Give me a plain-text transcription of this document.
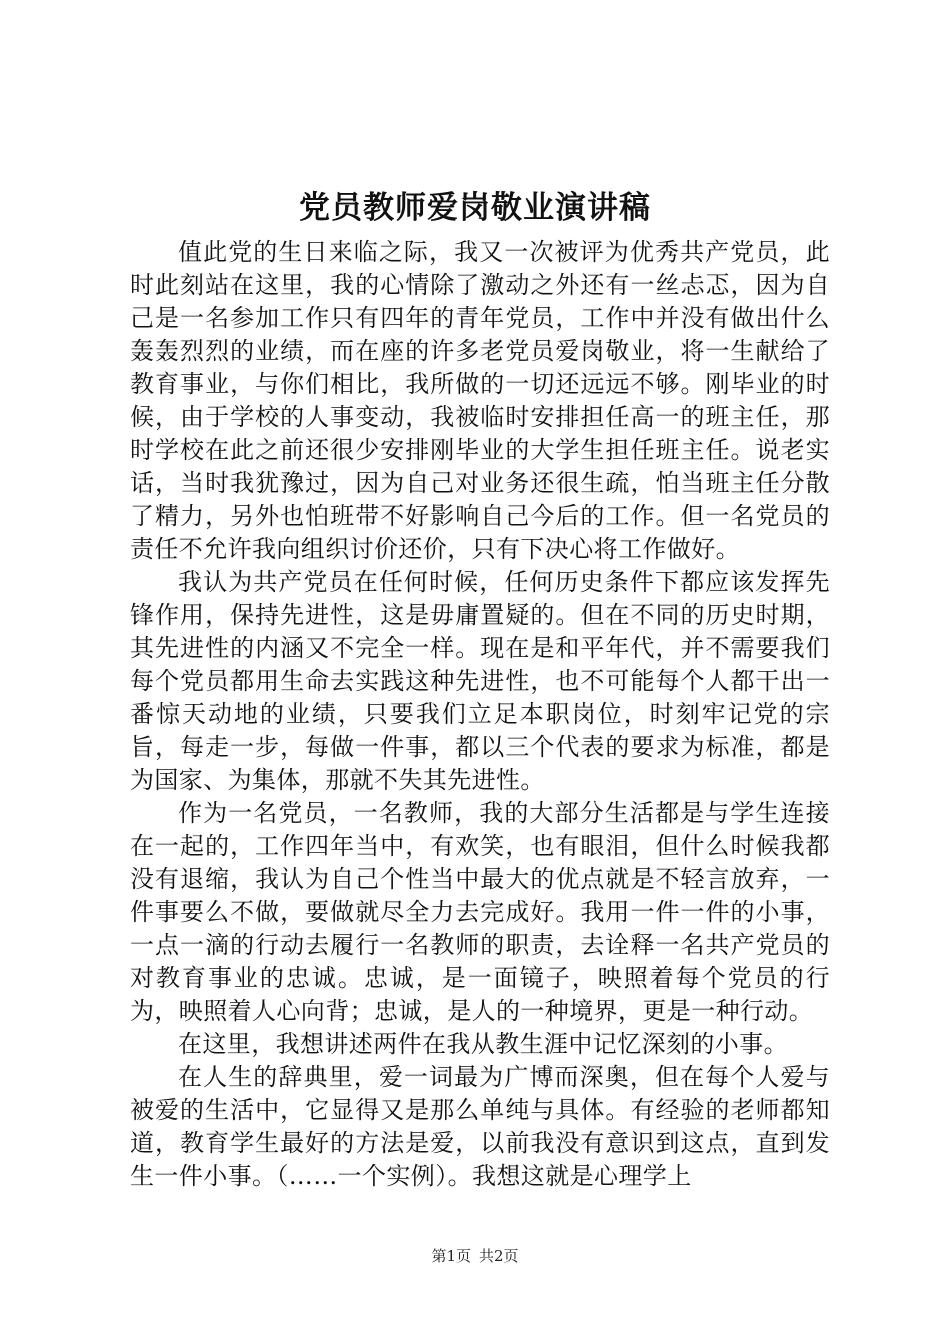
党员教师爱岗敬业演讲稿

值此党的生日来临之际，我又一次被评为优秀共产党员，此时此刻站在这里，我的心情除了激动之外还有一丝忐忑，因为自己是一名参加工作只有四年的青年党员，工作中并没有做出什么轰轰烈烈的业绩，而在座的许多老党员爱岗敬业，将一生献给了教育事业，与你们相比，我所做的一切还远远不够。刚毕业的时候，由于学校的人事变动，我被临时安排担任高一的班主任，那时学校在此之前还很少安排刚毕业的大学生担任班主任。说老实话，当时我犹豫过，因为自己对业务还很生疏，怕当班主任分散了精力，另外也怕班带不好影响自己今后的工作。但一名党员的责任不允许我向组织讨价还价，只有下决心将工作做好。

我认为共产党员在任何时候，任何历史条件下都应该发挥先锋作用，保持先进性，这是毋庸置疑的。但在不同的历史时期，其先进性的内涵又不完全一样。现在是和平年代，并不需要我们每个党员都用生命去实践这种先进性，也不可能每个人都干出一番惊天动地的业绩，只要我们立足本职岗位，时刻牢记党的宗旨，每走一步，每做一件事，都以三个代表的要求为标准，都是为国家、为集体，那就不失其先进性。

作为一名党员，一名教师，我的大部分生活都是与学生连接在一起的，工作四年当中，有欢笑，也有眼泪，但什么时候我都没有退缩，我认为自己个性当中最大的优点就是不轻言放弃，一件事要么不做，要做就尽全力去完成好。我用一件一件的小事，一点一滴的行动去履行一名教师的职责，去诠释一名共产党员的对教育事业的忠诚。忠诚，是一面镜子，映照着每个党员的行为，映照着人心向背；忠诚，是人的一种境界，更是一种行动。

在这里，我想讲述两件在我从教生涯中记忆深刻的小事。

在人生的辞典里，爱一词最为广博而深奥，但在每个人爱与被爱的生活中，它显得又是那么单纯与具体。有经验的老师都知道，教育学生最好的方法是爱，以前我没有意识到这点，直到发生一件小事。（……一个实例）。我想这就是心理学上

第1页 共2页
